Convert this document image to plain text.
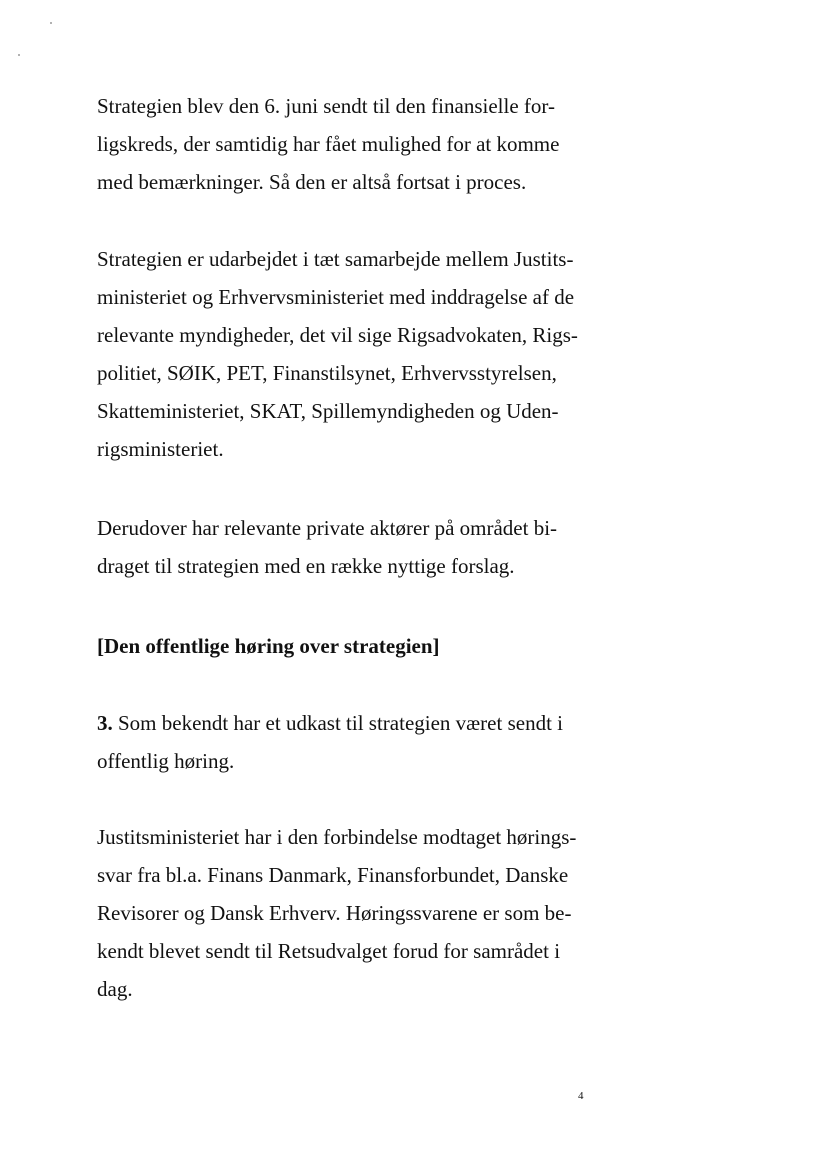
Strategien blev den 6. juni sendt til den finansielle for-
ligskreds, der samtidig har fået mulighed for at komme
med bemærkninger. Så den er altså fortsat i proces.

Strategien er udarbejdet i tæt samarbejde mellem Justits-
ministeriet og Erhvervsministeriet med inddragelse af de
relevante myndigheder, det vil sige Rigsadvokaten, Rigs-
politiet, SØIK, PET, Finanstilsynet, Erhvervsstyrelsen,
Skatteministeriet, SKAT, Spillemyndigheden og Uden-
rigsministeriet.

Derudover har relevante private aktører på området bi-
draget til strategien med en række nyttige forslag.

[Den offentlige høring over strategien]

3. Som bekendt har et udkast til strategien været sendt i
offentlig høring.

Justitsministeriet har i den forbindelse modtaget hørings-
svar fra bl.a. Finans Danmark, Finansforbundet, Danske
Revisorer og Dansk Erhverv. Høringssvarene er som be-
kendt blevet sendt til Retsudvalget forud for samrådet i
dag.

4
